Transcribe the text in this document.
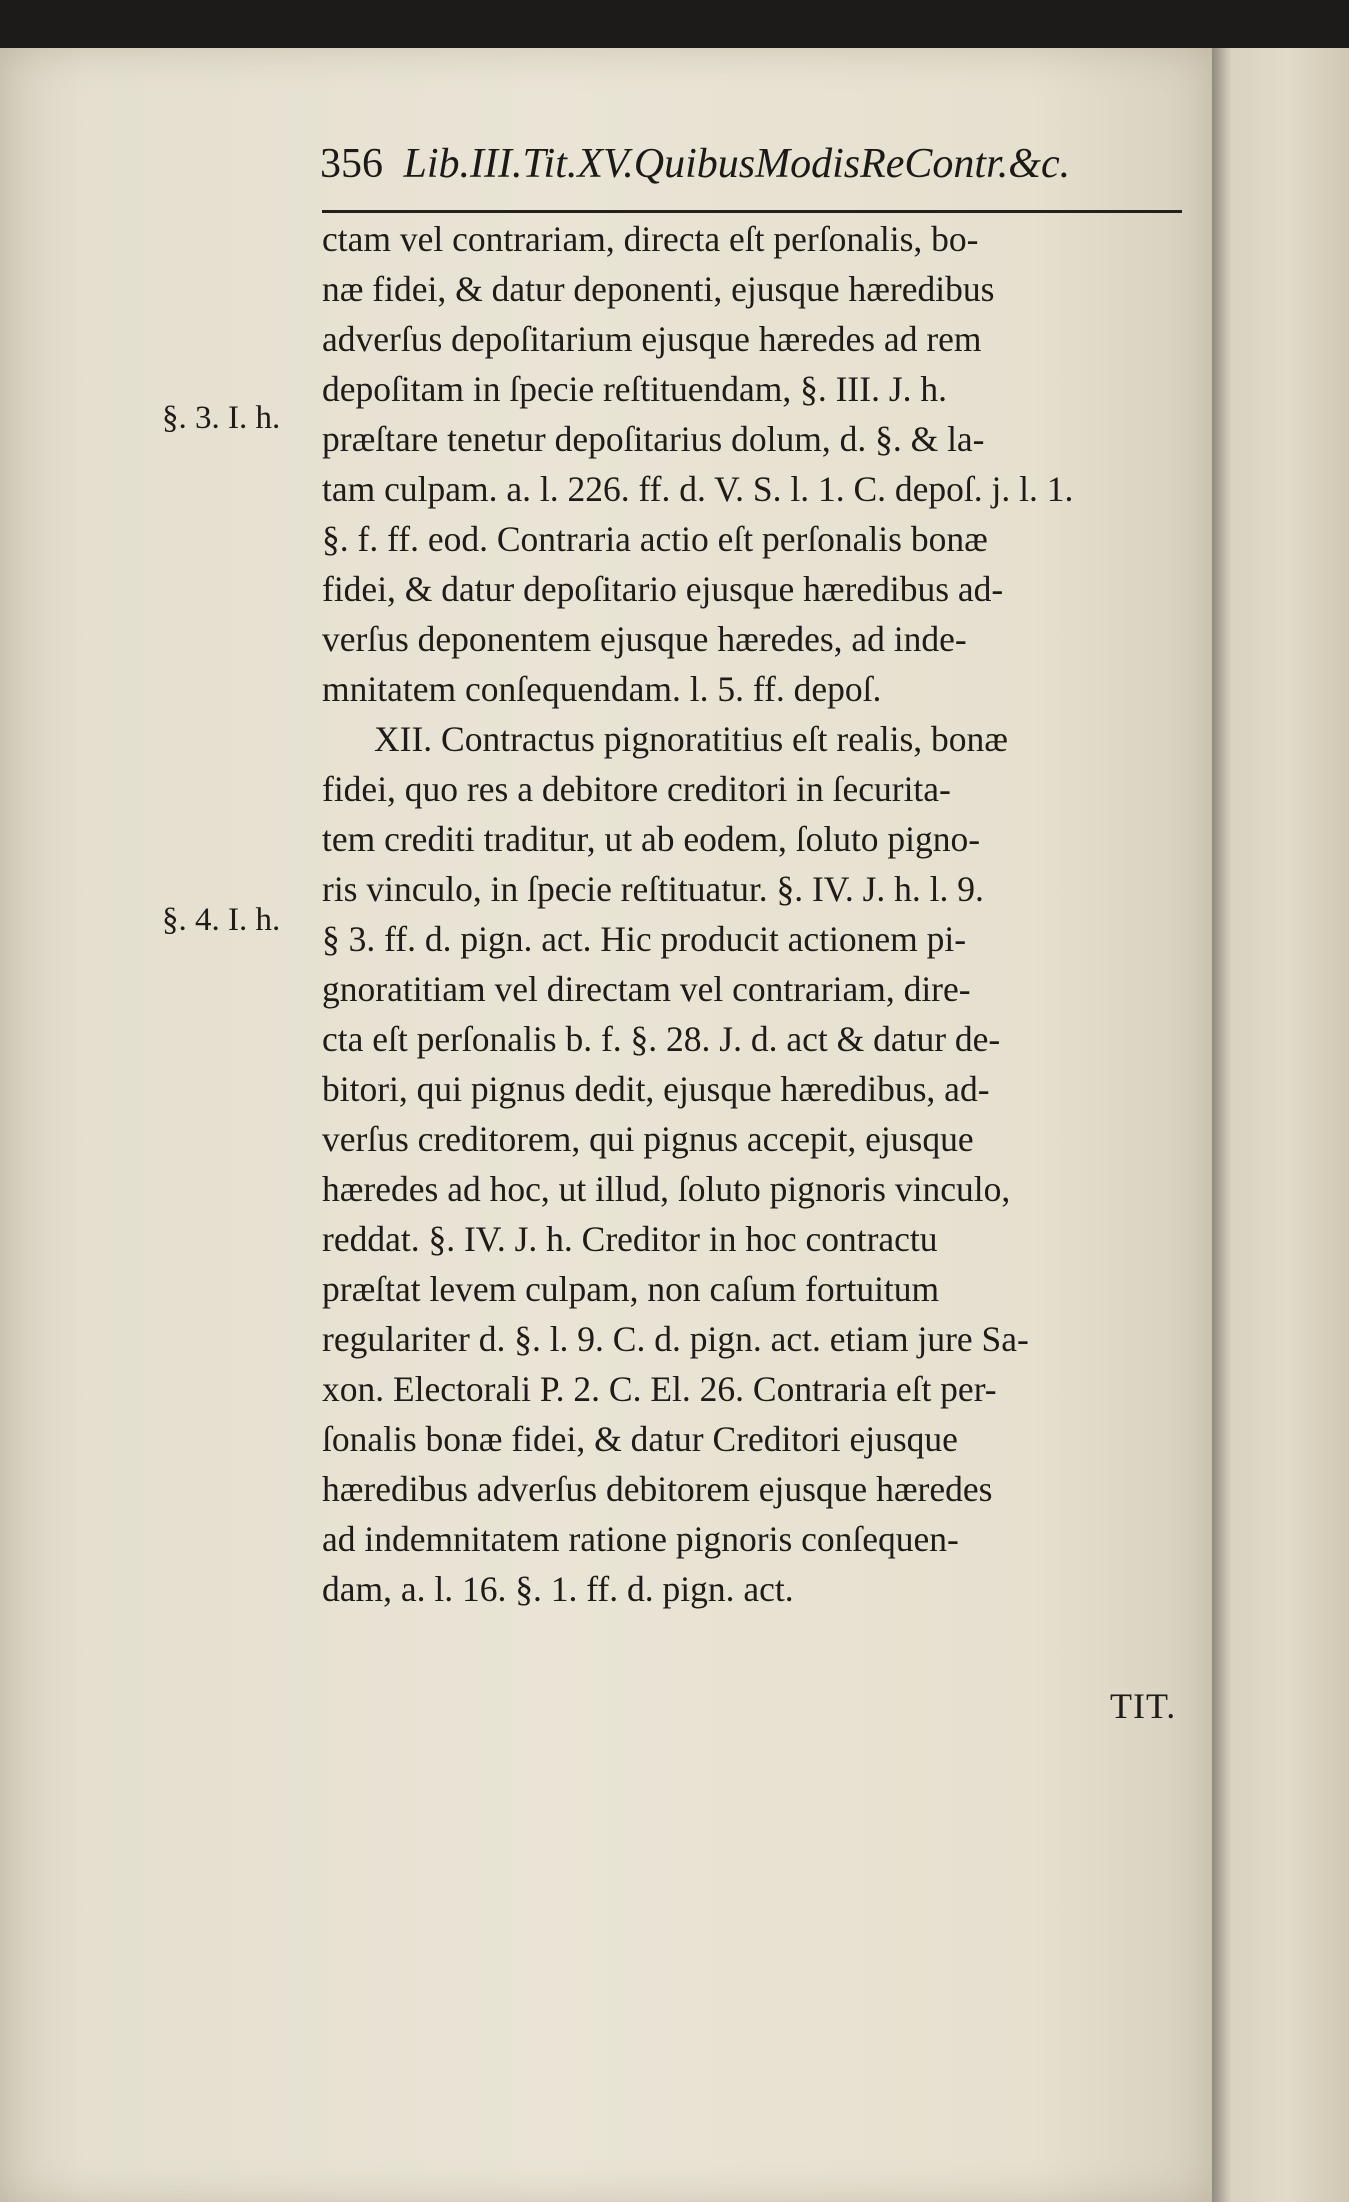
356 Lib.III.Tit.XV.QuibusModisReContr.&c.
§. 3. I. h.
§. 4. I. h.
ctam vel contrariam, directa eſt perſonalis, bo-
næ fidei, & datur deponenti, ejusque hæredibus
adverſus depoſitarium ejusque hæredes ad rem
depoſitam in ſpecie reſtituendam, §. III. J. h.
præſtare tenetur depoſitarius dolum, d. §. & la-
tam culpam. a. l. 226. ff. d. V. S. l. 1. C. depoſ. j. l. 1.
§. f. ff. eod. Contraria actio eſt perſonalis bonæ
fidei, & datur depoſitario ejusque hæredibus ad-
verſus deponentem ejusque hæredes, ad inde-
mnitatem conſequendam. l. 5. ff. depoſ.
XII. Contractus pignoratitius eſt realis, bonæ
fidei, quo res a debitore creditori in ſecurita-
tem crediti traditur, ut ab eodem, ſoluto pigno-
ris vinculo, in ſpecie reſtituatur. §. IV. J. h. l. 9.
§ 3. ff. d. pign. act. Hic producit actionem pi-
gnoratitiam vel directam vel contrariam, dire-
cta eſt perſonalis b. f. §. 28. J. d. act & datur de-
bitori, qui pignus dedit, ejusque hæredibus, ad-
verſus creditorem, qui pignus accepit, ejusque
hæredes ad hoc, ut illud, ſoluto pignoris vinculo,
reddat. §. IV. J. h. Creditor in hoc contractu
præſtat levem culpam, non caſum fortuitum
regulariter d. §. l. 9. C. d. pign. act. etiam jure Sa-
xon. Electorali P. 2. C. El. 26. Contraria eſt per-
ſonalis bonæ fidei, & datur Creditori ejusque
hæredibus adverſus debitorem ejusque hæredes
ad indemnitatem ratione pignoris conſequen-
dam, a. l. 16. §. 1. ff. d. pign. act.
TIT.
